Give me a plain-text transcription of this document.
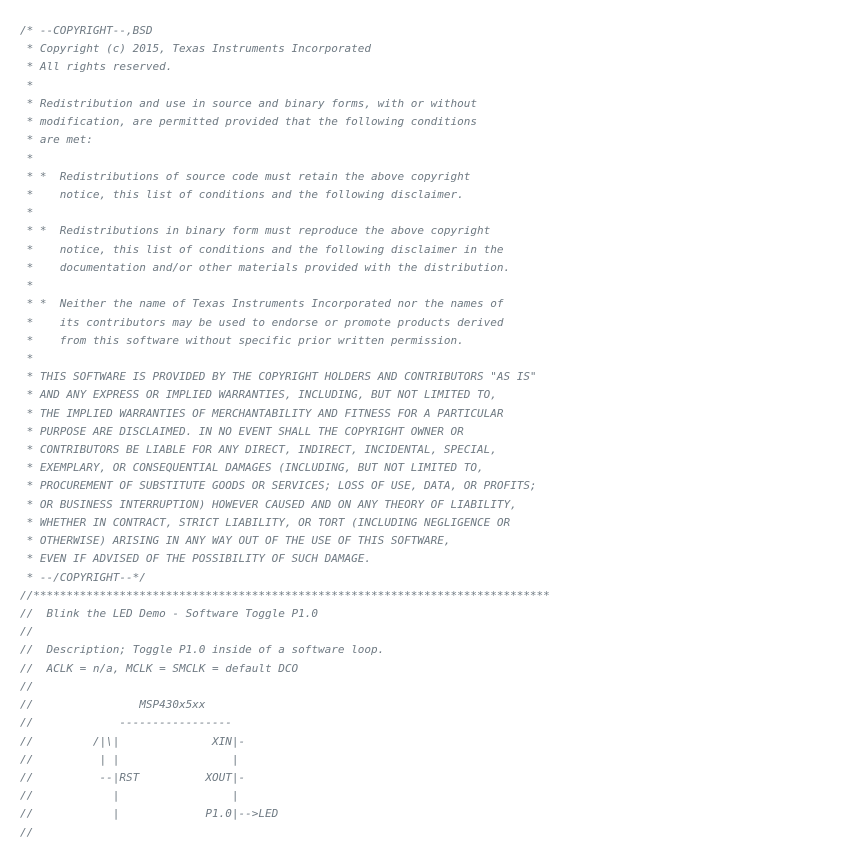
/* --COPYRIGHT--,BSD
* Copyright (c) 2015, Texas Instruments Incorporated
* All rights reserved.
*
* Redistribution and use in source and binary forms, with or without
* modification, are permitted provided that the following conditions
* are met:
*
* *  Redistributions of source code must retain the above copyright
*    notice, this list of conditions and the following disclaimer.
*
* *  Redistributions in binary form must reproduce the above copyright
*    notice, this list of conditions and the following disclaimer in the
*    documentation and/or other materials provided with the distribution.
*
* *  Neither the name of Texas Instruments Incorporated nor the names of
*    its contributors may be used to endorse or promote products derived
*    from this software without specific prior written permission.
*
* THIS SOFTWARE IS PROVIDED BY THE COPYRIGHT HOLDERS AND CONTRIBUTORS "AS IS"
* AND ANY EXPRESS OR IMPLIED WARRANTIES, INCLUDING, BUT NOT LIMITED TO,
* THE IMPLIED WARRANTIES OF MERCHANTABILITY AND FITNESS FOR A PARTICULAR
* PURPOSE ARE DISCLAIMED. IN NO EVENT SHALL THE COPYRIGHT OWNER OR
* CONTRIBUTORS BE LIABLE FOR ANY DIRECT, INDIRECT, INCIDENTAL, SPECIAL,
* EXEMPLARY, OR CONSEQUENTIAL DAMAGES (INCLUDING, BUT NOT LIMITED TO,
* PROCUREMENT OF SUBSTITUTE GOODS OR SERVICES; LOSS OF USE, DATA, OR PROFITS;
* OR BUSINESS INTERRUPTION) HOWEVER CAUSED AND ON ANY THEORY OF LIABILITY,
* WHETHER IN CONTRACT, STRICT LIABILITY, OR TORT (INCLUDING NEGLIGENCE OR
* OTHERWISE) ARISING IN ANY WAY OUT OF THE USE OF THIS SOFTWARE,
* EVEN IF ADVISED OF THE POSSIBILITY OF SUCH DAMAGE.
* --/COPYRIGHT--*/
//******************************************************************************
//  Blink the LED Demo - Software Toggle P1.0
//
//  Description; Toggle P1.0 inside of a software loop.
//  ACLK = n/a, MCLK = SMCLK = default DCO
//
//                MSP430x5xx
//             -----------------
//         /|\|              XIN|-
//          | |                 |
//          --|RST          XOUT|-
//            |                 |
//            |             P1.0|-->LED
//
